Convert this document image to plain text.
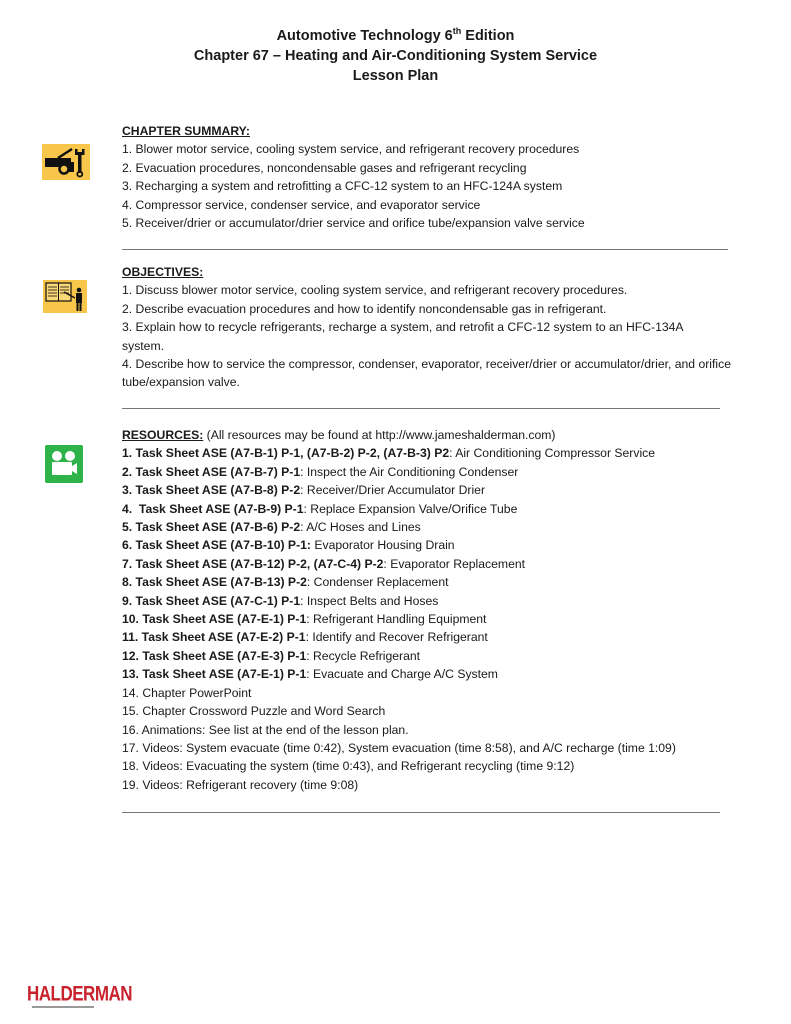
Automotive Technology 6th Edition
Chapter 67 – Heating and Air-Conditioning System Service
Lesson Plan
CHAPTER SUMMARY:
1. Blower motor service, cooling system service, and refrigerant recovery procedures
2. Evacuation procedures, noncondensable gases and refrigerant recycling
3. Recharging a system and retrofitting a CFC-12 system to an HFC-124A system
4. Compressor service, condenser service, and evaporator service
5. Receiver/drier or accumulator/drier service and orifice tube/expansion valve service
OBJECTIVES:
1. Discuss blower motor service, cooling system service, and refrigerant recovery procedures.
2. Describe evacuation procedures and how to identify noncondensable gas in refrigerant.
3. Explain how to recycle refrigerants, recharge a system, and retrofit a CFC-12 system to an HFC-134A system.
4. Describe how to service the compressor, condenser, evaporator, receiver/drier or accumulator/drier, and orifice tube/expansion valve.
RESOURCES: (All resources may be found at http://www.jameshalderman.com)
1. Task Sheet ASE (A7-B-1) P-1, (A7-B-2) P-2, (A7-B-3) P2: Air Conditioning Compressor Service
2. Task Sheet ASE (A7-B-7) P-1: Inspect the Air Conditioning Condenser
3. Task Sheet ASE (A7-B-8) P-2: Receiver/Drier Accumulator Drier
4.  Task Sheet ASE (A7-B-9) P-1: Replace Expansion Valve/Orifice Tube
5. Task Sheet ASE (A7-B-6) P-2: A/C Hoses and Lines
6. Task Sheet ASE (A7-B-10) P-1: Evaporator Housing Drain
7. Task Sheet ASE (A7-B-12) P-2, (A7-C-4) P-2: Evaporator Replacement
8. Task Sheet ASE (A7-B-13) P-2: Condenser Replacement
9. Task Sheet ASE (A7-C-1) P-1: Inspect Belts and Hoses
10. Task Sheet ASE (A7-E-1) P-1: Refrigerant Handling Equipment
11. Task Sheet ASE (A7-E-2) P-1: Identify and Recover Refrigerant
12. Task Sheet ASE (A7-E-3) P-1: Recycle Refrigerant
13. Task Sheet ASE (A7-E-1) P-1: Evacuate and Charge A/C System
14. Chapter PowerPoint
15. Chapter Crossword Puzzle and Word Search
16. Animations: See list at the end of the lesson plan.
17. Videos: System evacuate (time 0:42), System evacuation (time 8:58), and A/C recharge (time 1:09)
18. Videos: Evacuating the system (time 0:43), and Refrigerant recycling (time 9:12)
19. Videos: Refrigerant recovery (time 9:08)
HALDERMAN
